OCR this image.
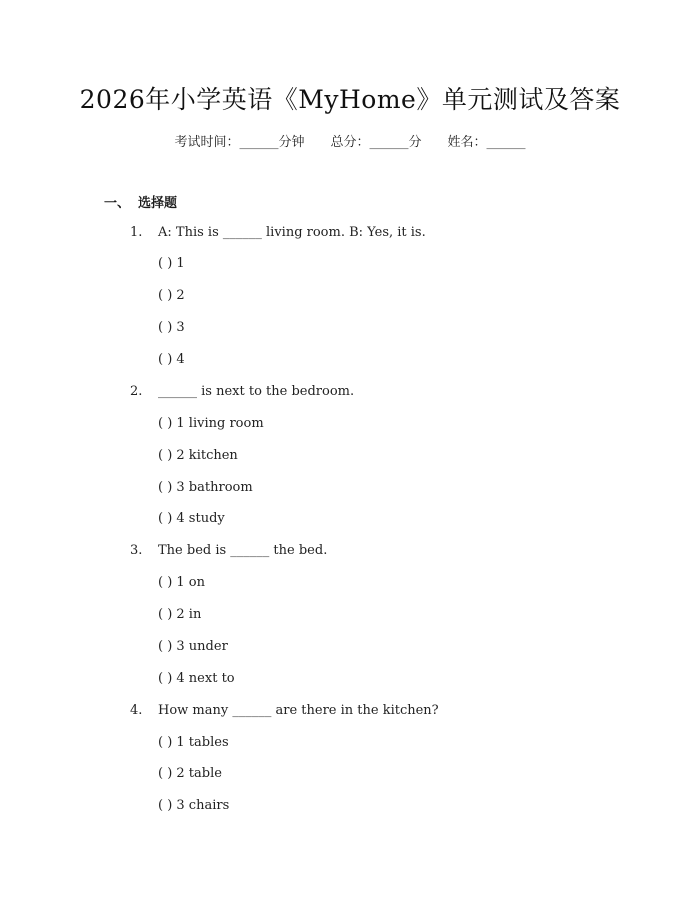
2026年小学英语《MyHome》单元测试及答案
考试时间：______分钟 总分：______分 姓名：______
一、 选择题
1. A: This is ______ living room. B: Yes, it is.
( ) 1
( ) 2
( ) 3
( ) 4
2. ______ is next to the bedroom.
( ) 1 living room
( ) 2 kitchen
( ) 3 bathroom
( ) 4 study
3. The bed is ______ the bed.
( ) 1 on
( ) 2 in
( ) 3 under
( ) 4 next to
4. How many ______ are there in the kitchen?
( ) 1 tables
( ) 2 table
( ) 3 chairs
